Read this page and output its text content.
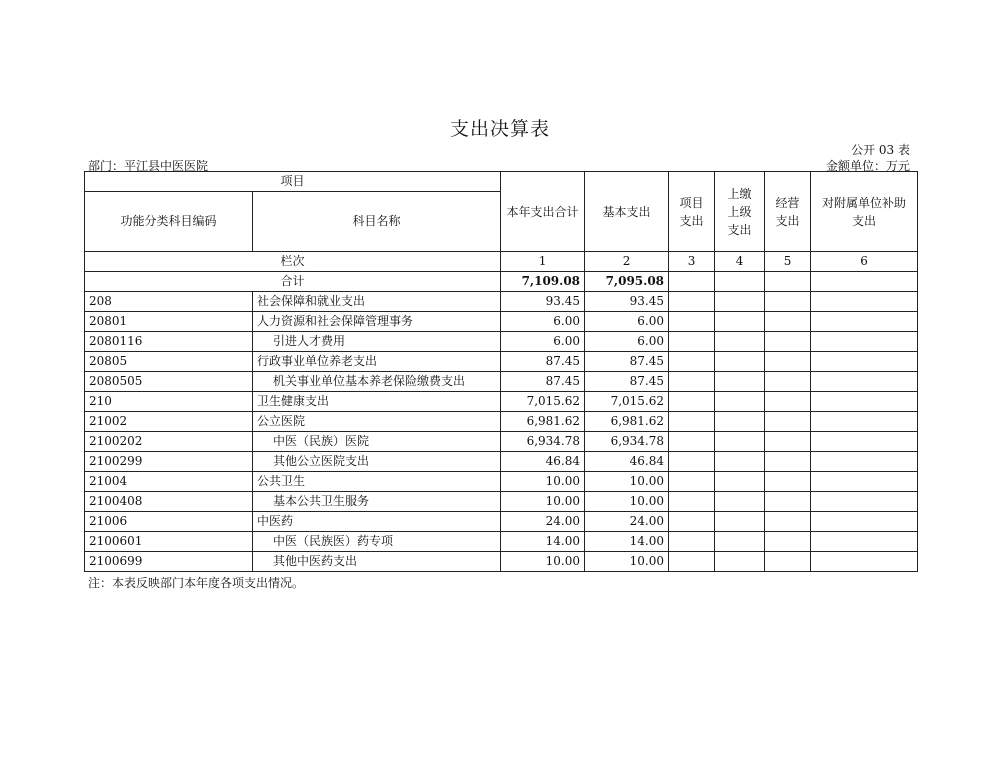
支出决算表
公开 03 表
部门：平江县中医医院	金额单位：万元
项目		本年支出合计	基本支出	项目支出	上缴上级支出	经营支出	对附属单位补助支出
功能分类科目编码	科目名称						
栏次		1	2	3	4	5	6
合计		7,109.08	7,095.08				
208	社会保障和就业支出	93.45	93.45				
20801	人力资源和社会保障管理事务	6.00	6.00				
2080116	引进人才费用	6.00	6.00				
20805	行政事业单位养老支出	87.45	87.45				
2080505	机关事业单位基本养老保险缴费支出	87.45	87.45				
210	卫生健康支出	7,015.62	7,015.62				
21002	公立医院	6,981.62	6,981.62				
2100202	中医（民族）医院	6,934.78	6,934.78				
2100299	其他公立医院支出	46.84	46.84				
21004	公共卫生	10.00	10.00				
2100408	基本公共卫生服务	10.00	10.00				
21006	中医药	24.00	24.00				
2100601	中医（民族医）药专项	14.00	14.00				
2100699	其他中医药支出	10.00	10.00				
注：本表反映部门本年度各项支出情况。
